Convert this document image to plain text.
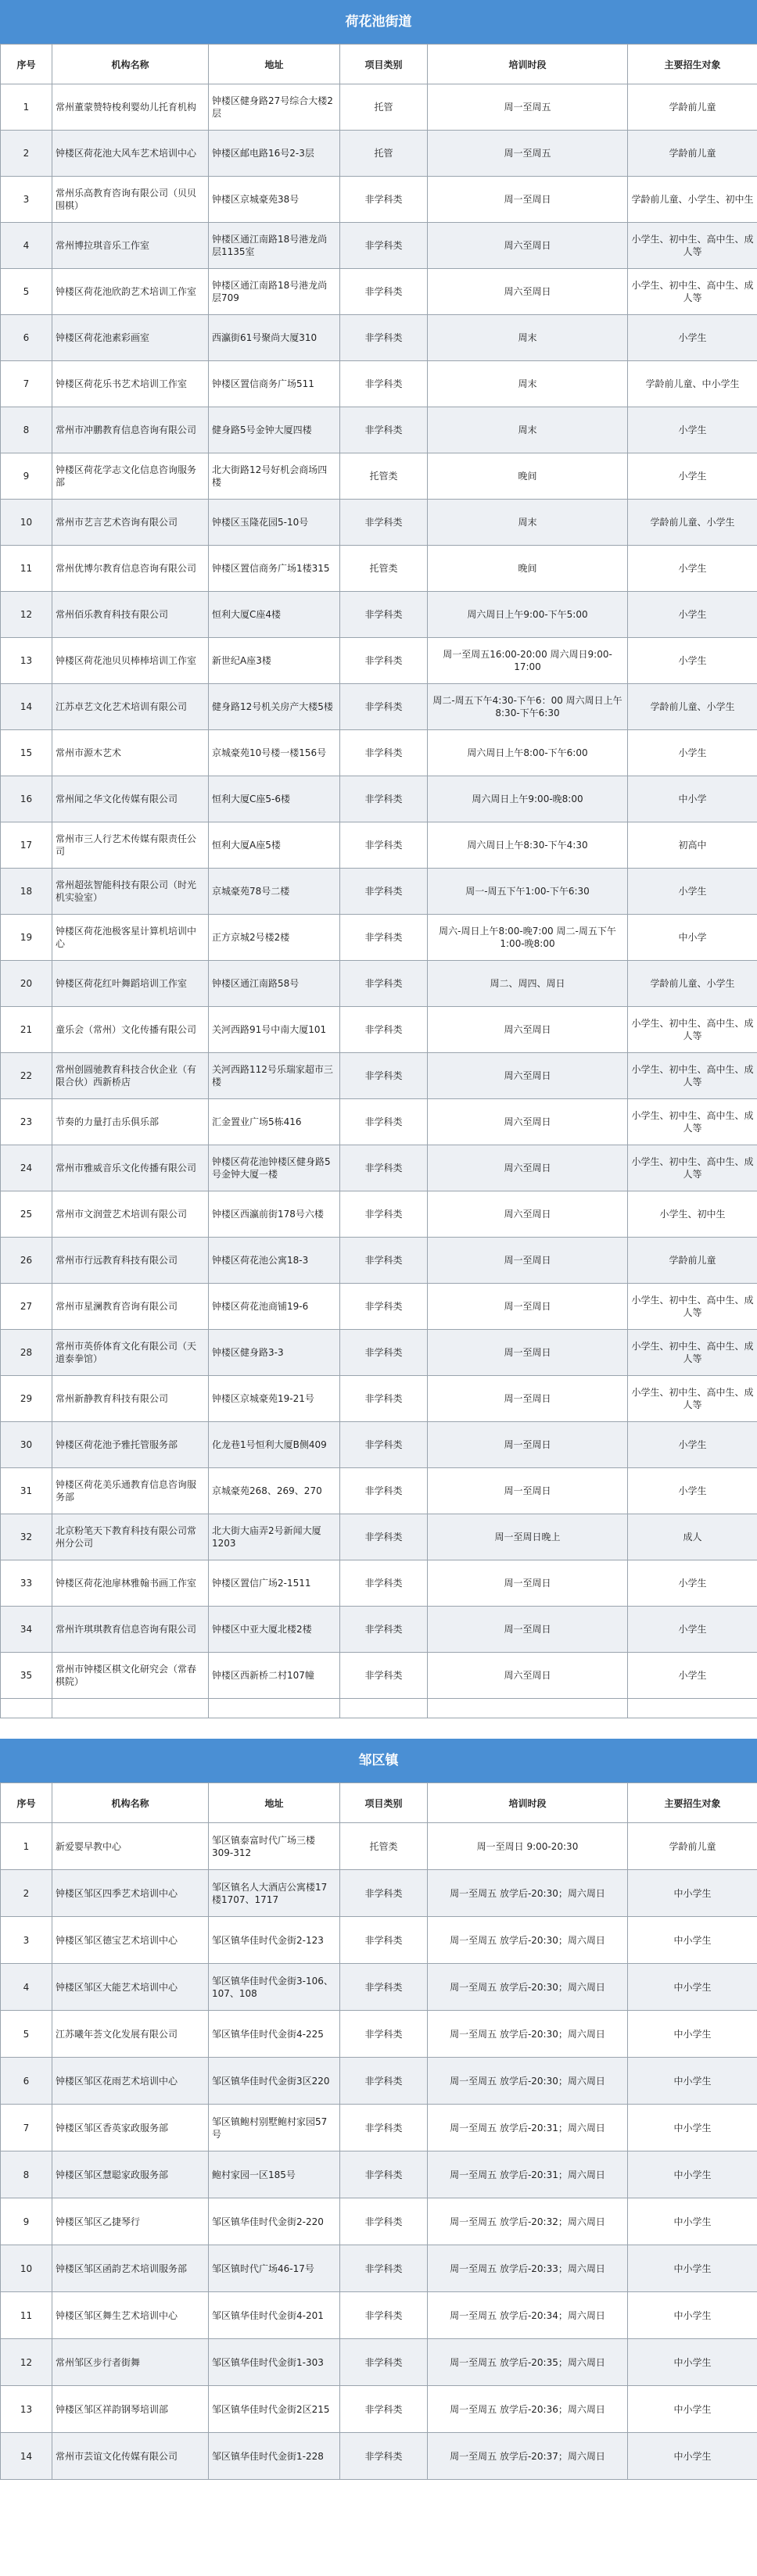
荷花池街道
序号	机构名称	地址	项目类别	培训时段	主要招生对象
1	常州董蒙赞特梭利婴幼儿托育机构	钟楼区健身路27号综合大楼2层	托管	周一至周五	学龄前儿童
2	钟楼区荷花池大风车艺术培训中心	钟楼区邮电路16号2-3层	托管	周一至周五	学龄前儿童
3	常州乐高教育咨询有限公司（贝贝围棋）	钟楼区京城豪苑38号	非学科类	周一至周日	学龄前儿童、小学生、初中生
4	常州博拉琪音乐工作室	钟楼区通江南路18号港龙尚层1135室	非学科类	周六至周日	小学生、初中生、高中生、成人等
5	钟楼区荷花池欣韵艺术培训工作室	钟楼区通江南路18号港龙尚层709	非学科类	周六至周日	小学生、初中生、高中生、成人等
6	钟楼区荷花池素彩画室	西瀛街61号聚尚大厦310	非学科类	周末	小学生
7	钟楼区荷花乐书艺术培训工作室	钟楼区置信商务广场511	非学科类	周末	学龄前儿童、中小学生
8	常州市冲鹏教育信息咨询有限公司	健身路5号金钟大厦四楼	非学科类	周末	小学生
9	钟楼区荷花学志文化信息咨询服务部	北大街路12号好机会商场四楼	托管类	晚间	小学生
10	常州市艺言艺术咨询有限公司	钟楼区玉隆花园5-10号	非学科类	周末	学龄前儿童、小学生
11	常州优博尔教育信息咨询有限公司	钟楼区置信商务广场1楼315	托管类	晚间	小学生
12	常州佰乐教育科技有限公司	恒利大厦C座4楼	非学科类	周六周日上午9:00-下午5:00	小学生
13	钟楼区荷花池贝贝棒棒培训工作室	新世纪A座3楼	非学科类	周一至周五16:00-20:00 周六周日9:00-17:00	小学生
14	江苏卓艺文化艺术培训有限公司	健身路12号机关房产大楼5楼	非学科类	周二-周五下午4:30-下午6：00 周六周日上午8:30-下午6:30	学龄前儿童、小学生
15	常州市源木艺术	京城豪苑10号楼一楼156号	非学科类	周六周日上午8:00-下午6:00	小学生
16	常州闻之华文化传媒有限公司	恒利大厦C座5-6楼	非学科类	周六周日上午9:00-晚8:00	中小学
17	常州市三人行艺术传媒有限责任公司	恒利大厦A座5楼	非学科类	周六周日上午8:30-下午4:30	初高中
18	常州超弦智能科技有限公司（时光机实验室）	京城豪苑78号二楼	非学科类	周一-周五下午1:00-下午6:30	小学生
19	钟楼区荷花池极客星计算机培训中心	正方京城2号楼2楼	非学科类	周六-周日上午8:00-晚7:00 周二-周五下午1:00-晚8:00	中小学
20	钟楼区荷花红叶舞蹈培训工作室	钟楼区通江南路58号	非学科类	周二、周四、周日	学龄前儿童、小学生
21	童乐会（常州）文化传播有限公司	关河西路91号中南大厦101	非学科类	周六至周日	小学生、初中生、高中生、成人等
22	常州创圆驰教育科技合伙企业（有限合伙）西新桥店	关河西路112号乐瑞家超市三楼	非学科类	周六至周日	小学生、初中生、高中生、成人等
23	节奏的力量打击乐俱乐部	汇金置业广场5栋416	非学科类	周六至周日	小学生、初中生、高中生、成人等
24	常州市雅威音乐文化传播有限公司	钟楼区荷花池钟楼区健身路5号金钟大厦一楼	非学科类	周六至周日	小学生、初中生、高中生、成人等
25	常州市文润萱艺术培训有限公司	钟楼区西瀛前街178号六楼	非学科类	周六至周日	小学生、初中生
26	常州市行远教育科技有限公司	钟楼区荷花池公寓18-3	非学科类	周一至周日	学龄前儿童
27	常州市星澜教育咨询有限公司	钟楼区荷花池商铺19-6	非学科类	周一至周日	小学生、初中生、高中生、成人等
28	常州市英侨体育文化有限公司（天道泰拳馆）	钟楼区健身路3-3	非学科类	周一至周日	小学生、初中生、高中生、成人等
29	常州新静教育科技有限公司	钟楼区京城豪苑19-21号	非学科类	周一至周日	小学生、初中生、高中生、成人等
30	钟楼区荷花池予雅托管服务部	化龙巷1号恒利大厦B侧409	非学科类	周一至周日	小学生
31	钟楼区荷花美乐通教育信息咨询服务部	京城豪苑268、269、270	非学科类	周一至周日	小学生
32	北京粉笔天下教育科技有限公司常州分公司	北大街大庙弄2号新闻大厦1203	非学科类	周一至周日晚上	成人
33	钟楼区荷花池扉林雅翰书画工作室	钟楼区置信广场2-1511	非学科类	周一至周日	小学生
34	常州许琪琪教育信息咨询有限公司	钟楼区中亚大厦北楼2楼	非学科类	周一至周日	小学生
35	常州市钟楼区棋文化研究会（常春棋院）	钟楼区西新桥二村107幢	非学科类	周六至周日	小学生

邹区镇
序号	机构名称	地址	项目类别	培训时段	主要招生对象
1	新爱婴早教中心	邹区镇泰富时代广场三楼309-312	托管类	周一至周日 9:00-20:30	学龄前儿童
2	钟楼区邹区四季艺术培训中心	邹区镇名人大酒店公寓楼17楼1707、1717	非学科类	周一至周五 放学后-20:30；周六周日	中小学生
3	钟楼区邹区德宝艺术培训中心	邹区镇华佳时代金街2-123	非学科类	周一至周五 放学后-20:30；周六周日	中小学生
4	钟楼区邹区大能艺术培训中心	邹区镇华佳时代金街3-106、107、108	非学科类	周一至周五 放学后-20:30；周六周日	中小学生
5	江苏曦年荟文化发展有限公司	邹区镇华佳时代金街4-225	非学科类	周一至周五 放学后-20:30；周六周日	中小学生
6	钟楼区邹区花雨艺术培训中心	邹区镇华佳时代金街3区220	非学科类	周一至周五 放学后-20:30；周六周日	中小学生
7	钟楼区邹区香英家政服务部	邹区镇鲍村别墅鲍村家园57号	非学科类	周一至周五 放学后-20:31；周六周日	中小学生
8	钟楼区邹区慧聪家政服务部	鲍村家园一区185号	非学科类	周一至周五 放学后-20:31；周六周日	中小学生
9	钟楼区邹区乙捷琴行	邹区镇华佳时代金街2-220	非学科类	周一至周五 放学后-20:32；周六周日	中小学生
10	钟楼区邹区函韵艺术培训服务部	邹区镇时代广场46-17号	非学科类	周一至周五 放学后-20:33；周六周日	中小学生
11	钟楼区邹区舞生艺术培训中心	邹区镇华佳时代金街4-201	非学科类	周一至周五 放学后-20:34；周六周日	中小学生
12	常州邹区步行者街舞	邹区镇华佳时代金街1-303	非学科类	周一至周五 放学后-20:35；周六周日	中小学生
13	钟楼区邹区祥韵钢琴培训部	邹区镇华佳时代金街2区215	非学科类	周一至周五 放学后-20:36；周六周日	中小学生
14	常州市芸谊文化传媒有限公司	邹区镇华佳时代金街1-228	非学科类	周一至周五 放学后-20:37；周六周日	中小学生
